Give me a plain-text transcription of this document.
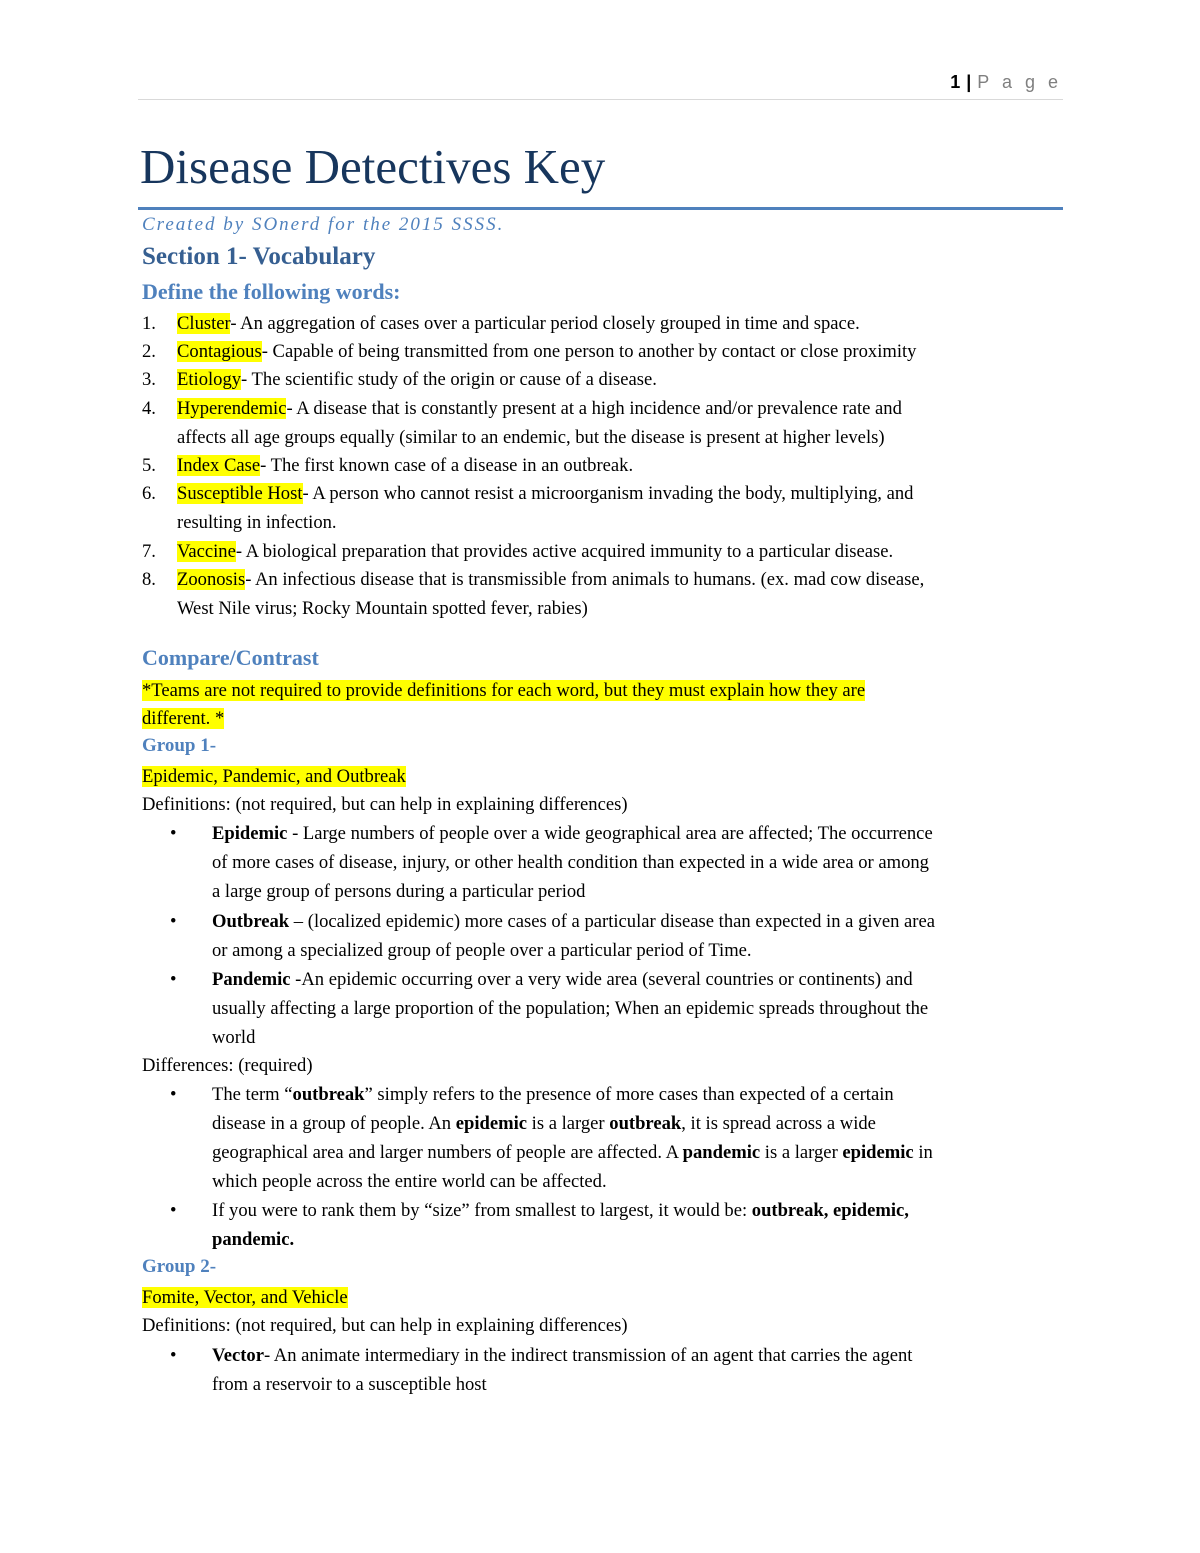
1 | P a g e
Disease Detectives Key
Created by SOnerd for the 2015 SSSS.
Section 1- Vocabulary
Define the following words:
1.	Cluster- An aggregation of cases over a particular period closely grouped in time and space.
2.	Contagious- Capable of being transmitted from one person to another by contact or close proximity
3.	Etiology- The scientific study of the origin or cause of a disease.
4.	Hyperendemic- A disease that is constantly present at a high incidence and/or prevalence rate and
affects all age groups equally (similar to an endemic, but the disease is present at higher levels)
5.	Index Case- The first known case of a disease in an outbreak.
6.	Susceptible Host- A person who cannot resist a microorganism invading the body, multiplying, and
resulting in infection.
7.	Vaccine- A biological preparation that provides active acquired immunity to a particular disease.
8.	Zoonosis- An infectious disease that is transmissible from animals to humans. (ex. mad cow disease,
West Nile virus; Rocky Mountain spotted fever, rabies)
Compare/Contrast
*Teams are not required to provide definitions for each word, but they must explain how they are
different. *
Group 1-
Epidemic, Pandemic, and Outbreak
Definitions: (not required, but can help in explaining differences)
• Epidemic - Large numbers of people over a wide geographical area are affected; The occurrence
of more cases of disease, injury, or other health condition than expected in a wide area or among
a large group of persons during a particular period
• Outbreak – (localized epidemic) more cases of a particular disease than expected in a given area
or among a specialized group of people over a particular period of Time.
• Pandemic -An epidemic occurring over a very wide area (several countries or continents) and
usually affecting a large proportion of the population; When an epidemic spreads throughout the
world
Differences: (required)
• The term “outbreak” simply refers to the presence of more cases than expected of a certain
disease in a group of people. An epidemic is a larger outbreak, it is spread across a wide
geographical area and larger numbers of people are affected. A pandemic is a larger epidemic in
which people across the entire world can be affected.
• If you were to rank them by “size” from smallest to largest, it would be: outbreak, epidemic,
pandemic.
Group 2-
Fomite, Vector, and Vehicle
Definitions: (not required, but can help in explaining differences)
• Vector- An animate intermediary in the indirect transmission of an agent that carries the agent
from a reservoir to a susceptible host
